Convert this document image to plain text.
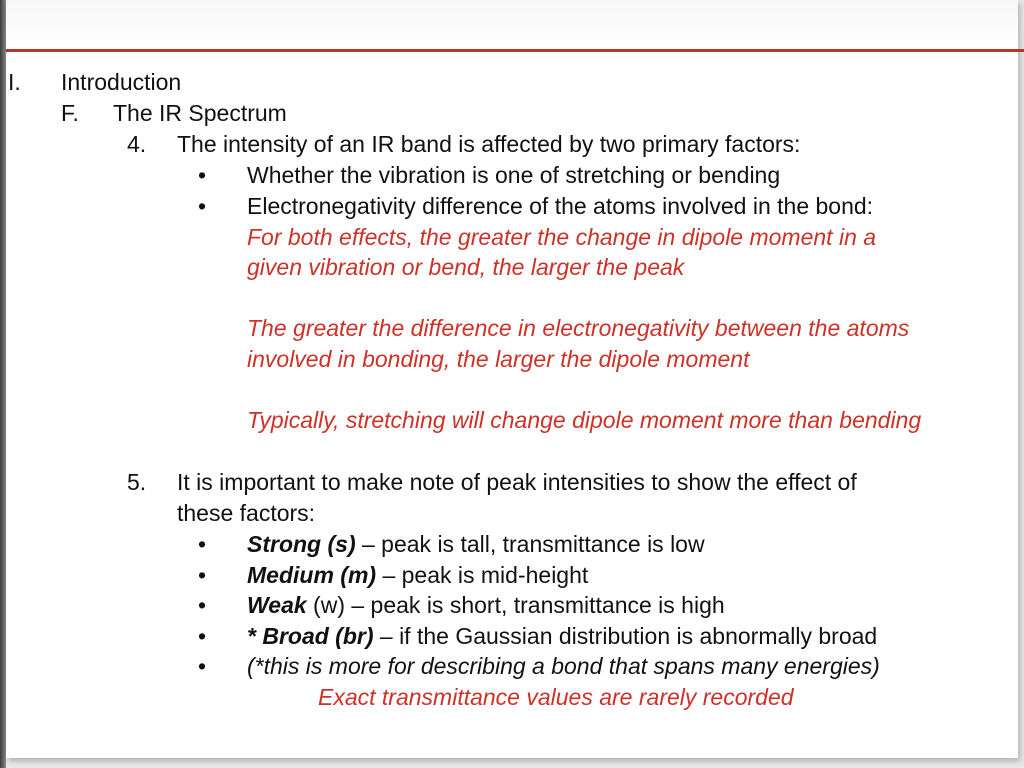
I. Introduction
F. The IR Spectrum
4. The intensity of an IR band is affected by two primary factors:
• Whether the vibration is one of stretching or bending
• Electronegativity difference of the atoms involved in the bond:
For both effects, the greater the change in dipole moment in a
given vibration or bend, the larger the peak
The greater the difference in electronegativity between the atoms
involved in bonding, the larger the dipole moment
Typically, stretching will change dipole moment more than bending
5. It is important to make note of peak intensities to show the effect of
these factors:
• Strong (s) – peak is tall, transmittance is low
• Medium (m) – peak is mid-height
• Weak (w) – peak is short, transmittance is high
• * Broad (br) – if the Gaussian distribution is abnormally broad
• (*this is more for describing a bond that spans many energies)
Exact transmittance values are rarely recorded
